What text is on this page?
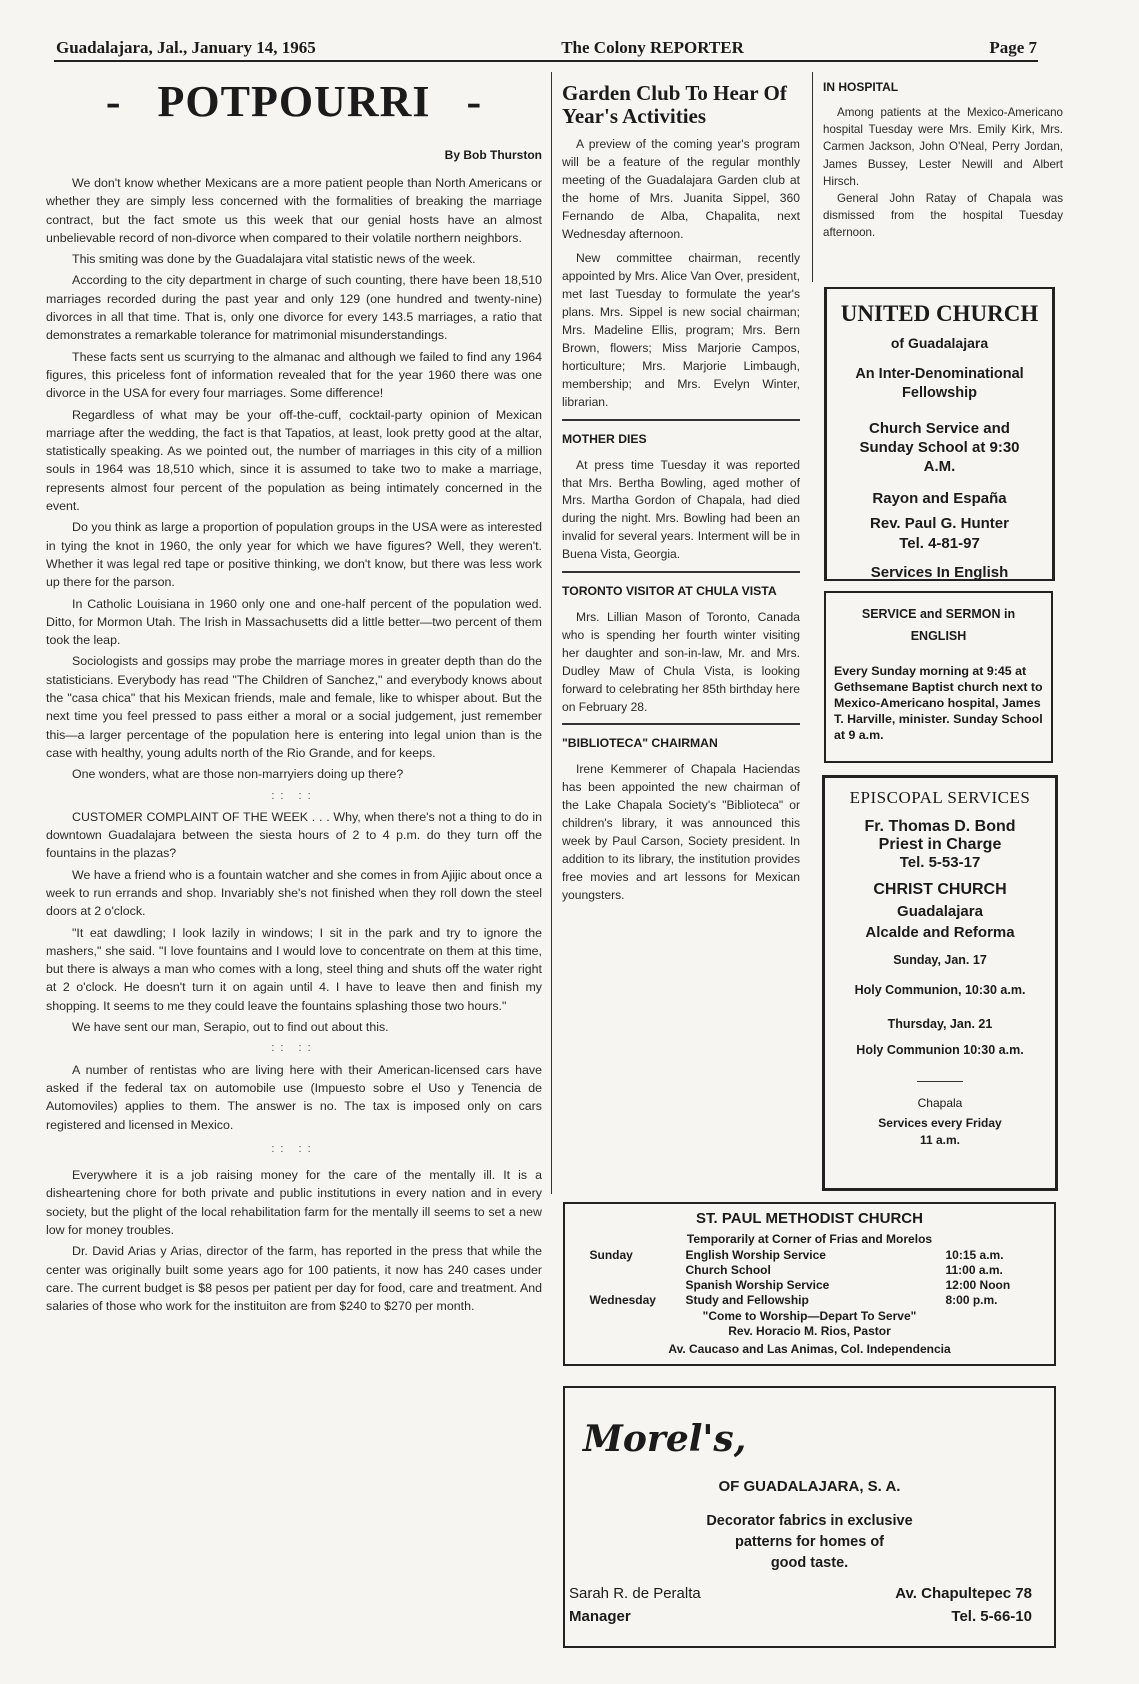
Guadalajara, Jal., January 14, 1965	The Colony REPORTER	Page 7
-   POTPOURRI   -
By Bob Thurston

We don't know whether Mexicans are a more patient people than North Americans or whether they are simply less concerned with the formalities of breaking the marriage contract, but the fact smote us this week that our genial hosts have an almost unbelievable record of non-divorce when compared to their volatile northern neighbors.

This smiting was done by the Guadalajara vital statistic news of the week.

According to the city department in charge of such counting, there have been 18,510 marriages recorded during the past year and only 129 (one hundred and twenty-nine) divorces in all that time. That is, only one divorce for every 143.5 marriages, a ratio that demonstrates a remarkable tolerance for matrimonial misunderstandings.

These facts sent us scurrying to the almanac and although we failed to find any 1964 figures, this priceless font of information revealed that for the year 1960 there was one divorce in the USA for every four marriages. Some difference!

Regardless of what may be your off-the-cuff, cocktail-party opinion of Mexican marriage after the wedding, the fact is that Tapatios, at least, look pretty good at the altar, statistically speaking. As we pointed out, the number of marriages in this city of a million souls in 1964 was 18,510 which, since it is assumed to take two to make a marriage, represents almost four percent of the population as being intimately concerned in the event.

Do you think as large a proportion of population groups in the USA were as interested in tying the knot in 1960, the only year for which we have figures? Well, they weren't. Whether it was legal red tape or positive thinking, we don't know, but there was less work up there for the parson.

In Catholic Louisiana in 1960 only one and one-half percent of the population wed. Ditto, for Mormon Utah. The Irish in Massachusetts did a little better—two percent of them took the leap.

Sociologists and gossips may probe the marriage mores in greater depth than do the statisticians. Everybody has read "The Children of Sanchez," and everybody knows about the "casa chica" that his Mexican friends, male and female, like to whisper about. But the next time you feel pressed to pass either a moral or a social judgement, just remember this—a larger percentage of the population here is entering into legal union than is the case with healthy, young adults north of the Rio Grande, and for keeps.

One wonders, what are those non-marryiers doing up there?

:: ::

CUSTOMER COMPLAINT OF THE WEEK . . . Why, when there's not a thing to do in downtown Guadalajara between the siesta hours of 2 to 4 p.m. do they turn off the fountains in the plazas?

We have a friend who is a fountain watcher and she comes in from Ajijic about once a week to run errands and shop. Invariably she's not finished when they roll down the steel doors at 2 o'clock.

"It eat dawdling; I look lazily in windows; I sit in the park and try to ignore the mashers," she said. "I love fountains and I would love to concentrate on them at this time, but there is always a man who comes with a long, steel thing and shuts off the water right at 2 o'clock. He doesn't turn it on again until 4. I have to leave then and finish my shopping. It seems to me they could leave the fountains splashing those two hours."

We have sent our man, Serapio, out to find out about this.

:: ::

A number of rentistas who are living here with their American-licensed cars have asked if the federal tax on automobile use (Impuesto sobre el Uso y Tenencia de Automoviles) applies to them. The answer is no. The tax is imposed only on cars registered and licensed in Mexico.

:: ::

Everywhere it is a job raising money for the care of the mentally ill. It is a disheartening chore for both private and public institutions in every nation and in every society, but the plight of the local rehabilitation farm for the mentally ill seems to set a new low for money troubles.

Dr. David Arias y Arias, director of the farm, has reported in the press that while the center was originally built some years ago for 100 patients, it now has 240 cases under care. The current budget is $8 pesos per patient per day for food, care and treatment. And salaries of those who work for the instituiton are from $240 to $270 per month.

Garden Club To Hear Of Year's Activities

A preview of the coming year's program will be a feature of the regular monthly meeting of the Guadalajara Garden club at the home of Mrs. Juanita Sippel, 360 Fernando de Alba, Chapalita, next Wednesday afternoon.

New committee chairman, recently appointed by Mrs. Alice Van Over, president, met last Tuesday to formulate the year's plans. Mrs. Sippel is new social chairman; Mrs. Madeline Ellis, program; Mrs. Bern Brown, flowers; Miss Marjorie Campos, horticulture; Mrs. Marjorie Limbaugh, membership; and Mrs. Evelyn Winter, librarian.

MOTHER DIES

At press time Tuesday it was reported that Mrs. Bertha Bowling, aged mother of Mrs. Martha Gordon of Chapala, had died during the night. Mrs. Bowling had been an invalid for several years. Interment will be in Buena Vista, Georgia.

TORONTO VISITOR AT CHULA VISTA

Mrs. Lillian Mason of Toronto, Canada who is spending her fourth winter visiting her daughter and son-in-law, Mr. and Mrs. Dudley Maw of Chula Vista, is looking forward to celebrating her 85th birthday here on February 28.

"BIBLIOTECA" CHAIRMAN

Irene Kemmerer of Chapala Haciendas has been appointed the new chairman of the Lake Chapala Society's "Biblioteca" or children's library, it was announced this week by Paul Carson, Society president. In addition to its library, the institution provides free movies and art lessons for Mexican youngsters.

IN HOSPITAL

Among patients at the Mexico-Americano hospital Tuesday were Mrs. Emily Kirk, Mrs. Carmen Jackson, John O'Neal, Perry Jordan, James Bussey, Lester Newill and Albert Hirsch.

General John Ratay of Chapala was dismissed from the hospital Tuesday afternoon.

UNITED CHURCH
of Guadalajara
An Inter-Denominational Fellowship
Church Service and Sunday School at 9:30 A.M.
Rayon and España
Rev. Paul G. Hunter
Tel. 4-81-97
Services In English
SERVICE and SERMON in ENGLISH
Every Sunday morning at 9:45 at Gethsemane Baptist church next to Mexico-Americano hospital, James T. Harville, minister. Sunday School at 9 a.m.
EPISCOPAL SERVICES
Fr. Thomas D. Bond
Priest in Charge
Tel. 5-53-17
CHRIST CHURCH
Guadalajara
Alcalde and Reforma
Sunday, Jan. 17
Holy Communion, 10:30 a.m.
Thursday, Jan. 21
Holy Communion 10:30 a.m.
Chapala
Services every Friday
11 a.m.
ST. PAUL METHODIST CHURCH
Temporarily at Corner of Frias and Morelos
Sunday	English Worship Service	10:15 a.m.
Church School	11:00 a.m.
Spanish Worship Service	12:00 Noon
Wednesday	Study and Fellowship	8:00 p.m.
"Come to Worship—Depart To Serve"
Rev. Horacio M. Rios, Pastor
Av. Caucaso and Las Animas, Col. Independencia
Morel's,
OF GUADALAJARA, S. A.
Decorator fabrics in exclusive
patterns for homes of
good taste.
Sarah R. de Peralta
Manager
Av. Chapultepec 78
Tel. 5-66-10
